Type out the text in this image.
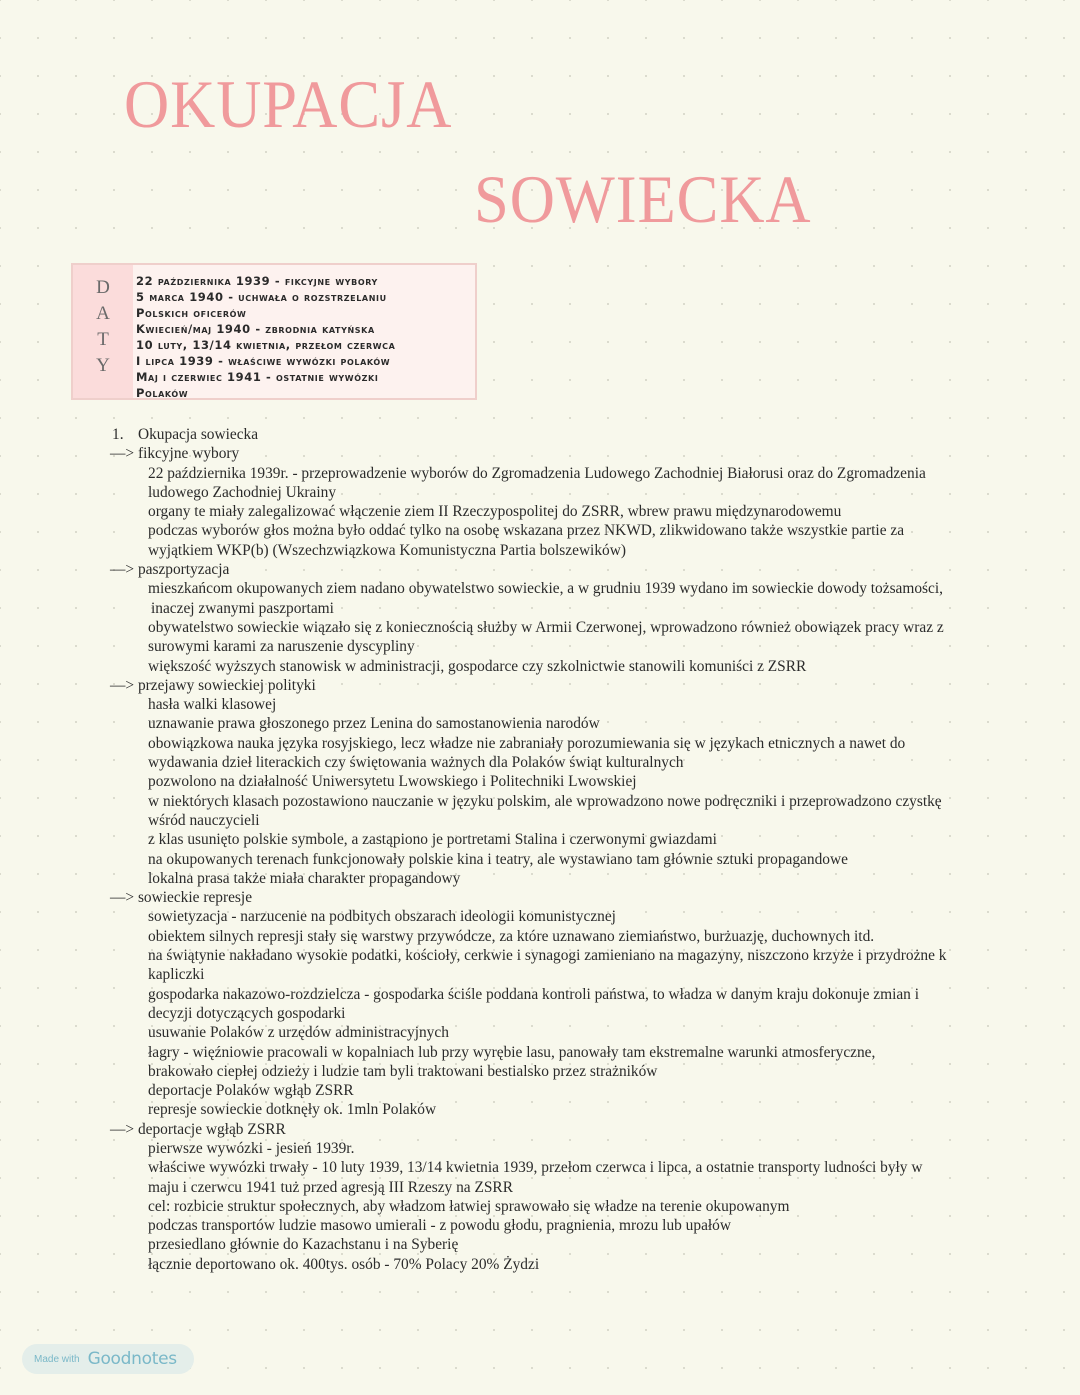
OKUPACJA
SOWIECKA
D
A
T
Y
22 października 1939 - fikcyjne wybory
5 marca 1940 - uchwała o rozstrzelaniu
Polskich oficerów
Kwiecień/maj 1940 - zbrodnia katyńska
10 luty, 13/14 kwietnia, przełom czerwca
I lipca 1939 - właściwe wywózki polaków
Maj i czerwiec 1941 - ostatnie wywózki
Polaków
1. Okupacja sowiecka
—> fikcyjne wybory
22 października 1939r. - przeprowadzenie wyborów do Zgromadzenia Ludowego Zachodniej Białorusi oraz do Zgromadzenia
ludowego Zachodniej Ukrainy
organy te miały zalegalizować włączenie ziem II Rzeczypospolitej do ZSRR, wbrew prawu międzynarodowemu
podczas wyborów głos można było oddać tylko na osobę wskazana przez NKWD, zlikwidowano także wszystkie partie za
wyjątkiem WKP(b) (Wszechzwiązkowa Komunistyczna Partia bolszewików)
—> paszportyzacja
mieszkańcom okupowanych ziem nadano obywatelstwo sowieckie, a w grudniu 1939 wydano im sowieckie dowody tożsamości,
inaczej zwanymi paszportami
obywatelstwo sowieckie wiązało się z koniecznością służby w Armii Czerwonej, wprowadzono również obowiązek pracy wraz z
surowymi karami za naruszenie dyscypliny
większość wyższych stanowisk w administracji, gospodarce czy szkolnictwie stanowili komuniści z ZSRR
—> przejawy sowieckiej polityki
hasła walki klasowej
uznawanie prawa głoszonego przez Lenina do samostanowienia narodów
obowiązkowa nauka języka rosyjskiego, lecz władze nie zabraniały porozumiewania się w językach etnicznych a nawet do
wydawania dzieł literackich czy świętowania ważnych dla Polaków świąt kulturalnych
pozwolono na działalność Uniwersytetu Lwowskiego i Politechniki Lwowskiej
w niektórych klasach pozostawiono nauczanie w języku polskim, ale wprowadzono nowe podręczniki i przeprowadzono czystkę
wśród nauczycieli
z klas usunięto polskie symbole, a zastąpiono je portretami Stalina i czerwonymi gwiazdami
na okupowanych terenach funkcjonowały polskie kina i teatry, ale wystawiano tam głównie sztuki propagandowe
lokalna prasa także miała charakter propagandowy
—> sowieckie represje
sowietyzacja - narzucenie na podbitych obszarach ideologii komunistycznej
obiektem silnych represji stały się warstwy przywódcze, za które uznawano ziemiaństwo, burżuazję, duchownych itd.
na świątynie nakładano wysokie podatki, kościoły, cerkwie i synagogi zamieniano na magazyny, niszczono krzyże i przydrożne k
kapliczki
gospodarka nakazowo-rozdzielcza - gospodarka ściśle poddana kontroli państwa, to władza w danym kraju dokonuje zmian i
decyzji dotyczących gospodarki
usuwanie Polaków z urzędów administracyjnych
łagry - więźniowie pracowali w kopalniach lub przy wyrębie lasu, panowały tam ekstremalne warunki atmosferyczne,
brakowało ciepłej odzieży i ludzie tam byli traktowani bestialsko przez strażników
deportacje Polaków wgłąb ZSRR
represje sowieckie dotknęły ok. 1mln Polaków
—> deportacje wgłąb ZSRR
pierwsze wywózki - jesień 1939r.
właściwe wywózki trwały - 10 luty 1939, 13/14 kwietnia 1939, przełom czerwca i lipca, a ostatnie transporty ludności były w
maju i czerwcu 1941 tuż przed agresją III Rzeszy na ZSRR
cel: rozbicie struktur społecznych, aby władzom łatwiej sprawowało się władze na terenie okupowanym
podczas transportów ludzie masowo umierali - z powodu głodu, pragnienia, mrozu lub upałów
przesiedlano głównie do Kazachstanu i na Syberię
łącznie deportowano ok. 400tys. osób - 70% Polacy 20% Żydzi
Made with Goodnotes
